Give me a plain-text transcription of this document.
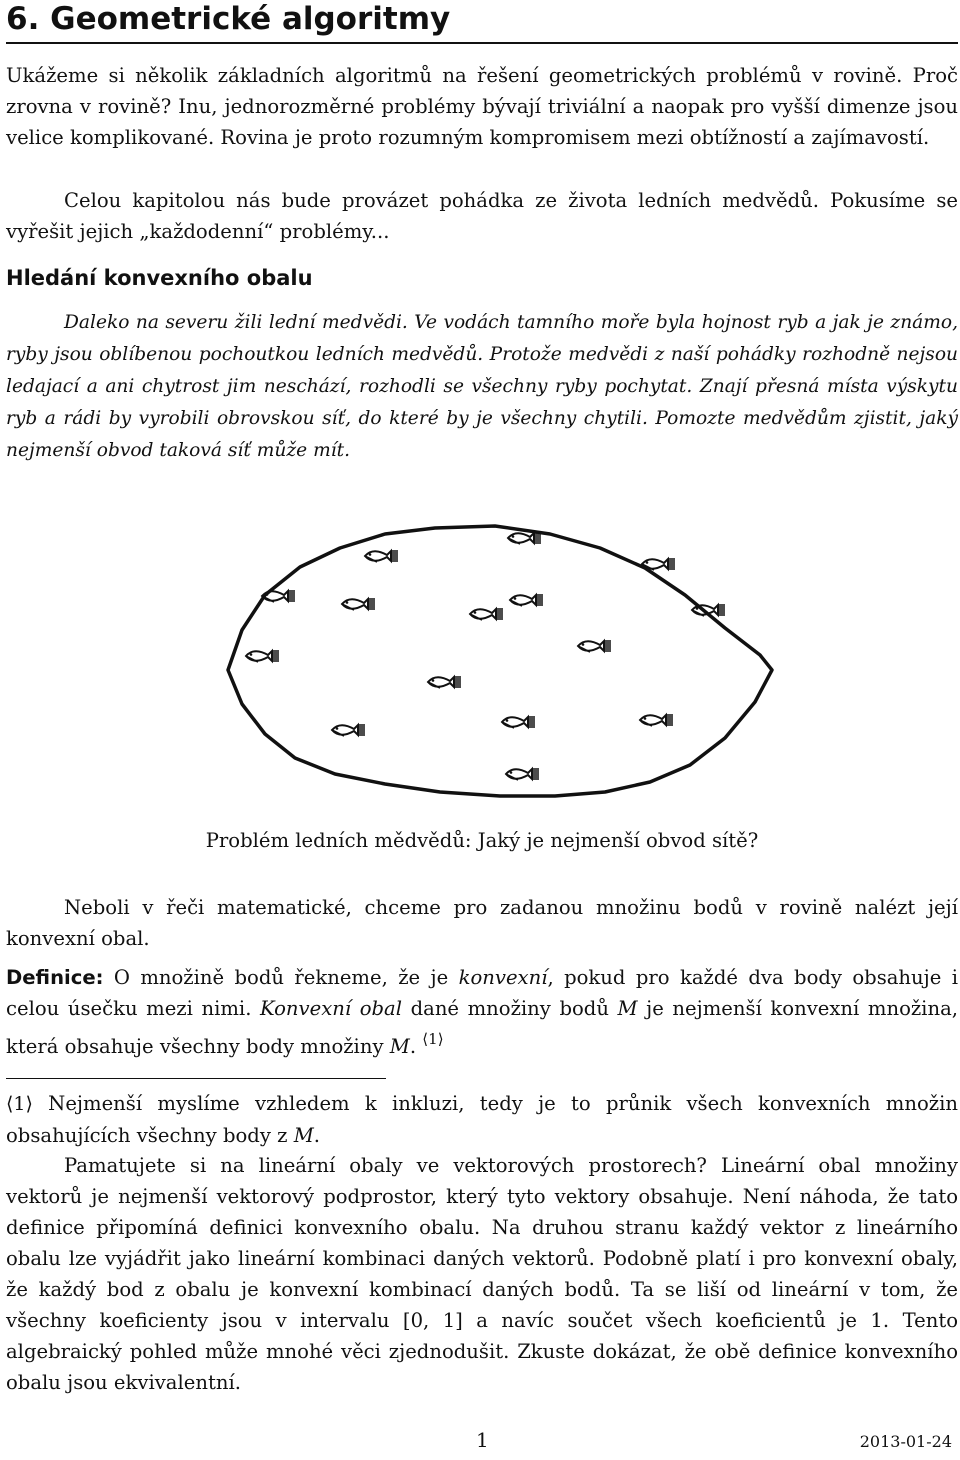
6. Geometrické algoritmy

Ukážeme si několik základních algoritmů na řešení geometrických problémů v rovině. Proč zrovna v rovině? Inu, jednorozměrné problémy bývají triviální a naopak pro vyšší dimenze jsou velice komplikované. Rovina je proto rozumným kompromisem mezi obtížností a zajímavostí.

Celou kapitolou nás bude provázet pohádka ze života ledních medvědů. Pokusíme se vyřešit jejich „každodenní“ problémy...

Hledání konvexního obalu

Daleko na severu žili lední medvědi. Ve vodách tamního moře byla hojnost ryb a jak je známo, ryby jsou oblíbenou pochoutkou ledních medvědů. Protože medvědi z naší pohádky rozhodně nejsou ledajací a ani chytrost jim neschází, rozhodli se všechny ryby pochytat. Znají přesná místa výskytu ryb a rádi by vyrobili obrovskou síť, do které by je všechny chytili. Pomozte medvědům zjistit, jaký nejmenší obvod taková síť může mít.

Problém ledních mědvědů: Jaký je nejmenší obvod sítě?

Neboli v řeči matematické, chceme pro zadanou množinu bodů v rovině nalézt její konvexní obal.

Definice: O množině bodů řekneme, že je konvexní, pokud pro každé dva body obsahuje i celou úsečku mezi nimi. Konvexní obal dané množiny bodů M je nejmenší konvexní množina, která obsahuje všechny body množiny M. $^{⟨1⟩}$

⟨1⟩ Nejmenší myslíme vzhledem k inkluzi, tedy je to průnik všech konvexních množin obsahujících všechny body z M.

Pamatujete si na lineární obaly ve vektorových prostorech? Lineární obal množiny vektorů je nejmenší vektorový podprostor, který tyto vektory obsahuje. Není náhoda, že tato definice připomíná definici konvexního obalu. Na druhou stranu každý vektor z lineárního obalu lze vyjádřit jako lineární kombinaci daných vektorů. Podobně platí i pro konvexní obaly, že každý bod z obalu je konvexní kombinací daných bodů. Ta se liší od lineární v tom, že všechny koeficienty jsou v intervalu [0, 1] a navíc součet všech koeficientů je 1. Tento algebraický pohled může mnohé věci zjednodušit. Zkuste dokázat, že obě definice konvexního obalu jsou ekvivalentní.

1	2013-01-24
